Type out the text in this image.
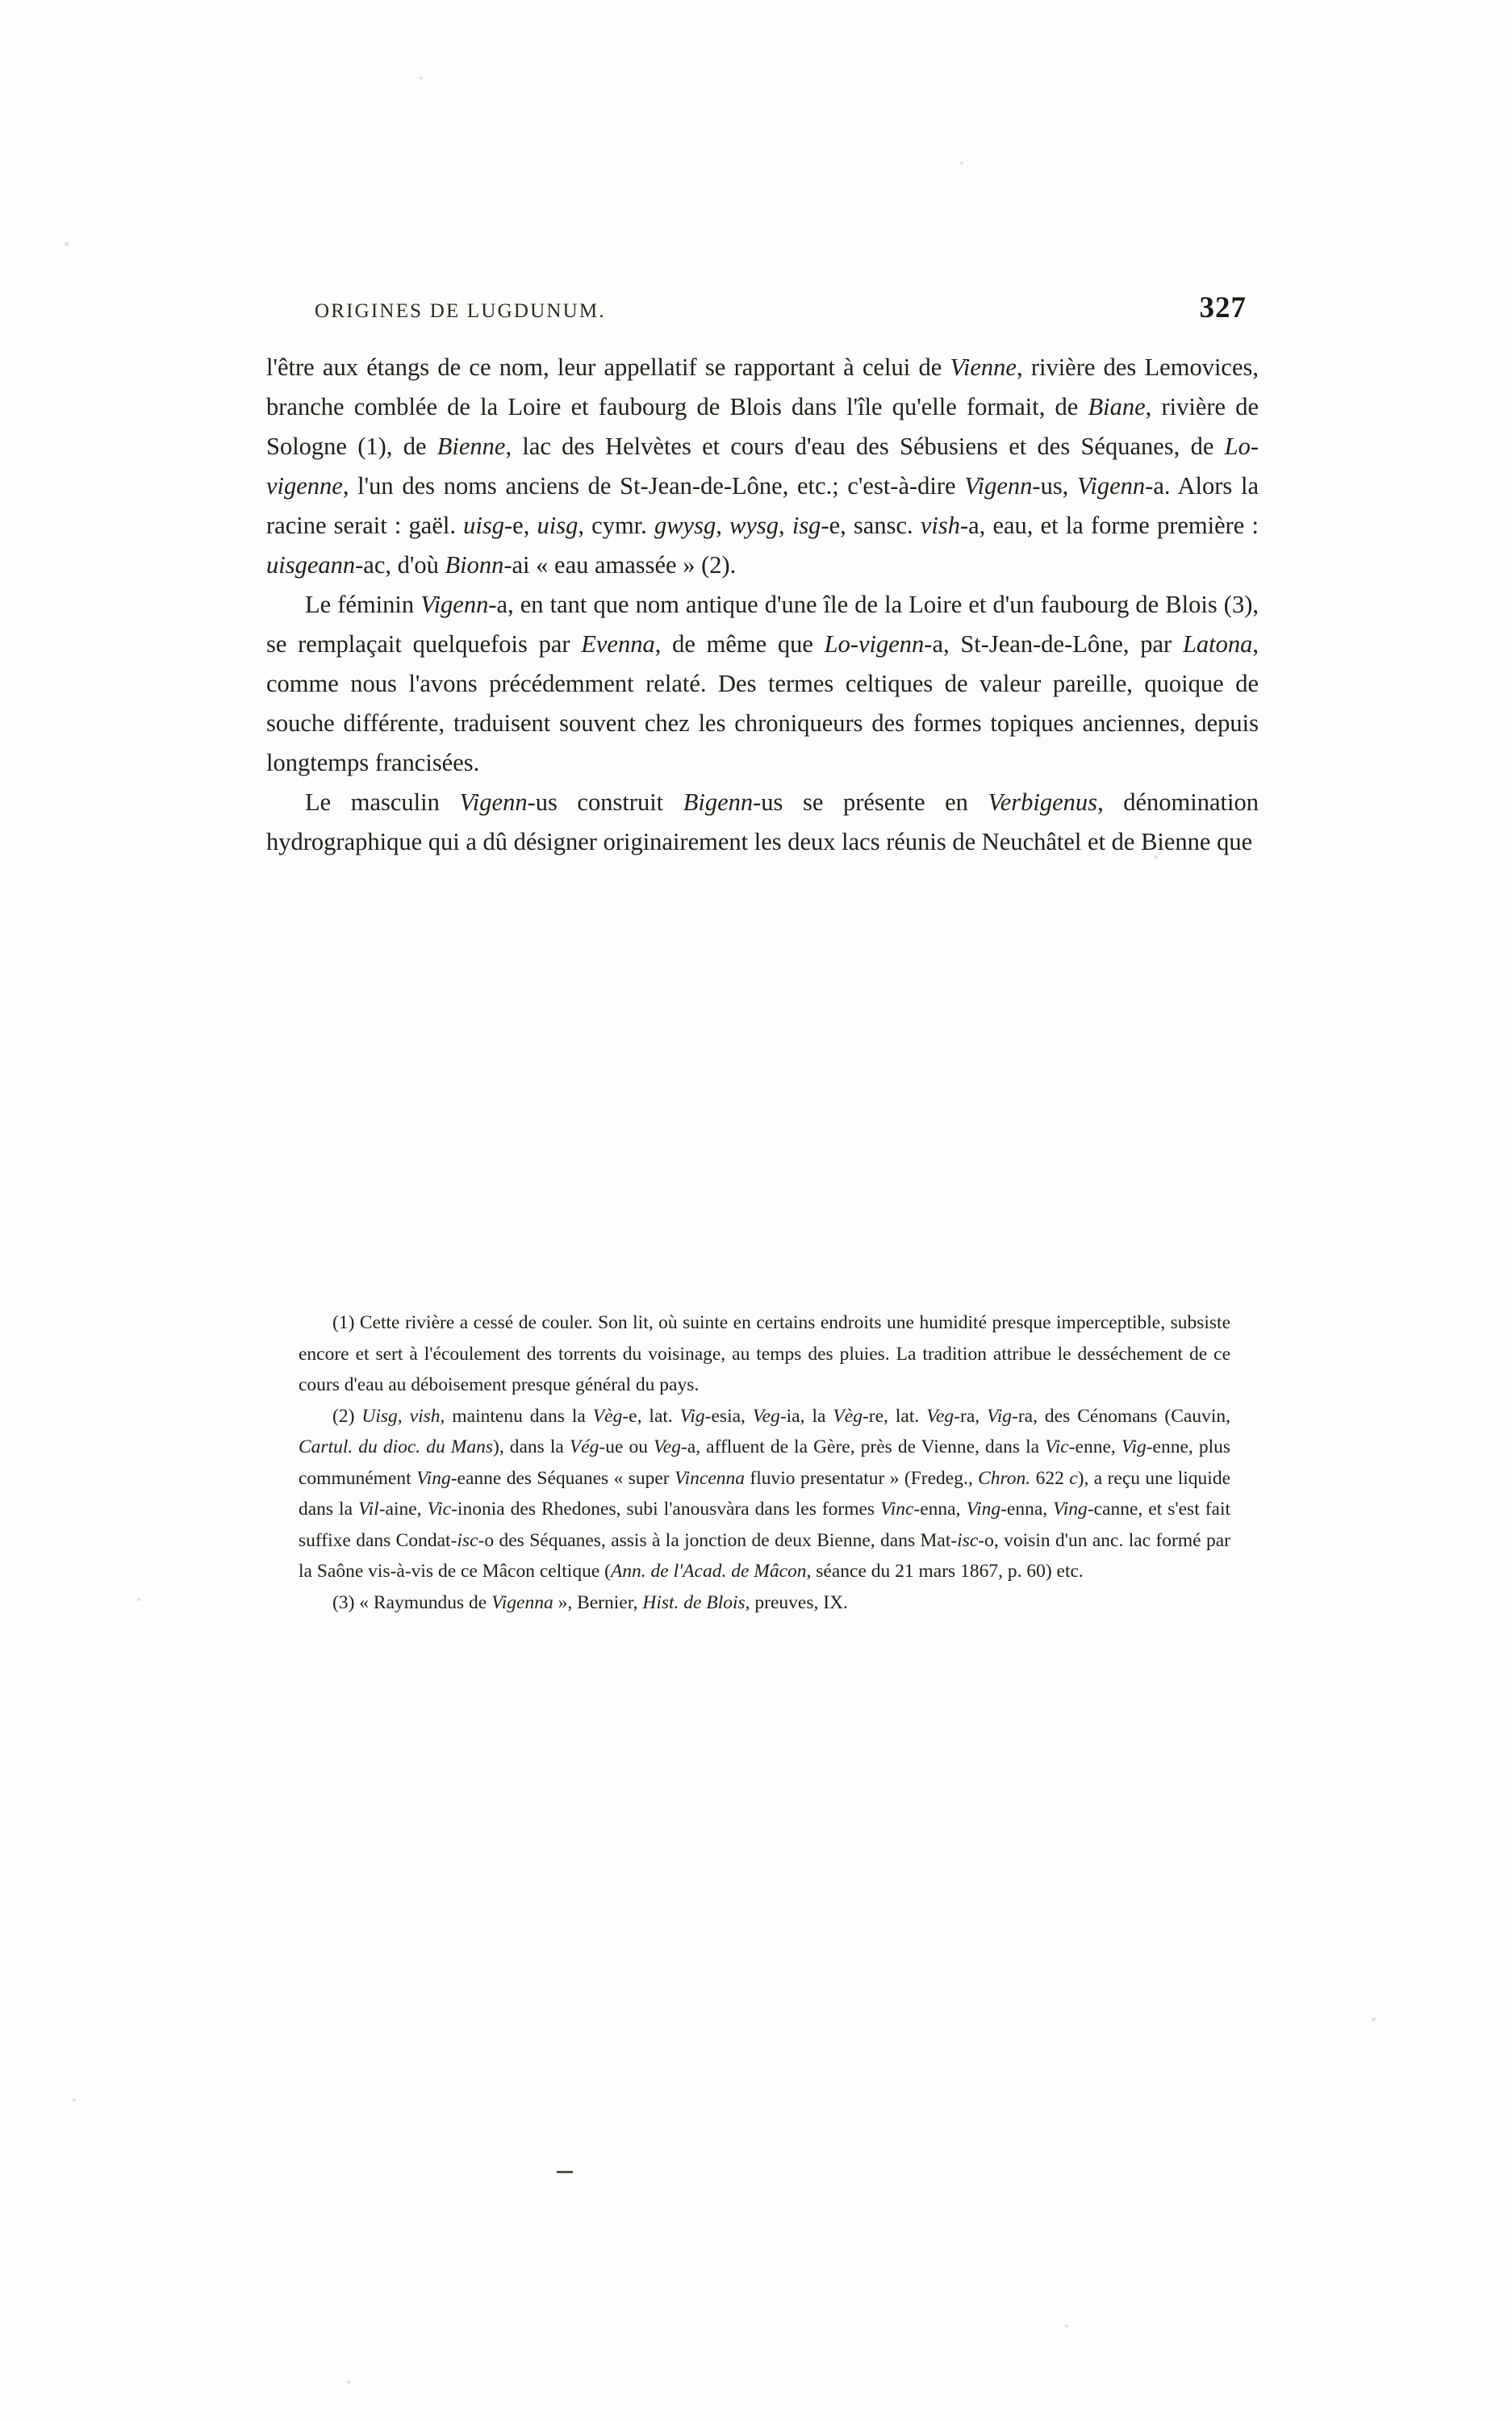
ORIGINES DE LUGDUNUM.	327

l'être aux étangs de ce nom, leur appellatif se rapportant à celui de Vienne, rivière des Lemovices, branche comblée de la Loire et faubourg de Blois dans l'île qu'elle formait, de Biane, rivière de Sologne (1), de Bienne, lac des Helvètes et cours d'eau des Sébusiens et des Séquanes, de Lo-vigenne, l'un des noms anciens de St-Jean-de-Lône, etc.; c'est-à-dire Vigenn-us, Vigenn-a. Alors la racine serait : gaël. uisg-e, uisg, cymr. gwysg, wysg, isg-e, sansc. vish-a, eau, et la forme première : uisgeann-ac, d'où Bionn-ai « eau amassée » (2).

Le féminin Vigenn-a, en tant que nom antique d'une île de la Loire et d'un faubourg de Blois (3), se remplaçait quelquefois par Evenna, de même que Lo-vigenn-a, St-Jean-de-Lône, par Latona, comme nous l'avons précédemment relaté. Des termes celtiques de valeur pareille, quoique de souche différente, traduisent souvent chez les chroniqueurs des formes topiques anciennes, depuis longtemps francisées.

Le masculin Vigenn-us construit Bigenn-us se présente en Verbigenus, dénomination hydrographique qui a dû désigner originairement les deux lacs réunis de Neuchâtel et de Bienne que

(1) Cette rivière a cessé de couler. Son lit, où suinte en certains endroits une humidité presque imperceptible, subsiste encore et sert à l'écoulement des torrents du voisinage, au temps des pluies. La tradition attribue le desséchement de ce cours d'eau au déboisement presque général du pays.

(2) Uisg, vish, maintenu dans la Vèg-e, lat. Vig-esia, Veg-ia, la Vèg-re, lat. Veg-ra, Vig-ra, des Cénomans (Cauvin, Cartul. du dioc. du Mans), dans la Vég-ue ou Veg-a, affluent de la Gère, près de Vienne, dans la Vic-enne, Vig-enne, plus communément Ving-eanne des Séquanes « super Vincenna fluvio presentatur » (Fredeg., Chron. 622 c), a reçu une liquide dans la Vil-aine, Vic-inonia des Rhedones, subi l'anousvàra dans les formes Vinc-enna, Ving-enna, Ving-canne, et s'est fait suffixe dans Condat-isc-o des Séquanes, assis à la jonction de deux Bienne, dans Mat-isc-o, voisin d'un anc. lac formé par la Saône vis-à-vis de ce Mâcon celtique (Ann. de l'Acad. de Mâcon, séance du 21 mars 1867, p. 60) etc.

(3) « Raymundus de Vigenna », Bernier, Hist. de Blois, preuves, IX.
